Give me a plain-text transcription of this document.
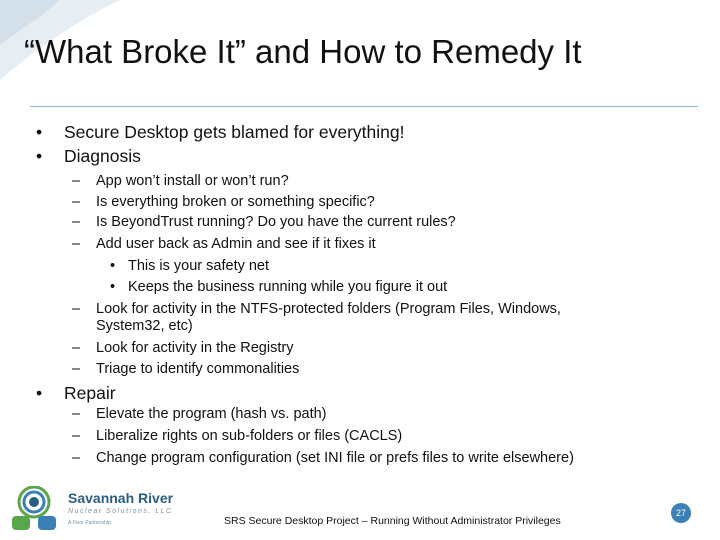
“What Broke It” and How to Remedy It
• Secure Desktop gets blamed for everything!
• Diagnosis
– App won’t install or won’t run?
– Is everything broken or something specific?
– Is BeyondTrust running? Do you have the current rules?
– Add user back as Admin and see if it fixes it
• This is your safety net
• Keeps the business running while you figure it out
– Look for activity in the NTFS-protected folders (Program Files, Windows,
System32, etc)
– Look for activity in the Registry
– Triage to identify commonalities
• Repair
– Elevate the program (hash vs. path)
– Liberalize rights on sub-folders or files (CACLS)
– Change program configuration (set INI file or prefs files to write elsewhere)
Savannah River
Nuclear Solutions, LLC
A Fluor Partnership	SRS Secure Desktop Project – Running Without Administrator Privileges
27
